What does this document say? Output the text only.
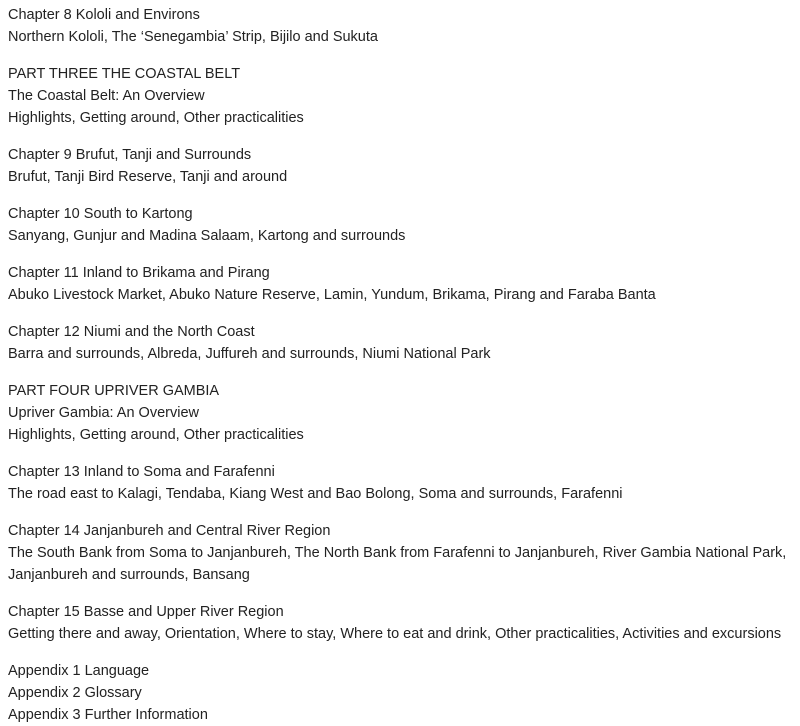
Chapter 8 Kololi and Environs
Northern Kololi, The ‘Senegambia’ Strip, Bijilo and Sukuta
PART THREE THE COASTAL BELT
The Coastal Belt: An Overview
Highlights, Getting around, Other practicalities
Chapter 9 Brufut, Tanji and Surrounds
Brufut, Tanji Bird Reserve, Tanji and around
Chapter 10 South to Kartong
Sanyang, Gunjur and Madina Salaam, Kartong and surrounds
Chapter 11 Inland to Brikama and Pirang
Abuko Livestock Market, Abuko Nature Reserve, Lamin, Yundum, Brikama, Pirang and Faraba Banta
Chapter 12 Niumi and the North Coast
Barra and surrounds, Albreda, Juffureh and surrounds, Niumi National Park
PART FOUR UPRIVER GAMBIA
Upriver Gambia: An Overview
Highlights, Getting around, Other practicalities
Chapter 13 Inland to Soma and Farafenni
The road east to Kalagi, Tendaba, Kiang West and Bao Bolong, Soma and surrounds, Farafenni
Chapter 14 Janjanbureh and Central River Region
The South Bank from Soma to Janjanbureh, The North Bank from Farafenni to Janjanbureh, River Gambia National Park,
Janjanbureh and surrounds, Bansang
Chapter 15 Basse and Upper River Region
Getting there and away, Orientation, Where to stay, Where to eat and drink, Other practicalities, Activities and excursions
Appendix 1 Language
Appendix 2 Glossary
Appendix 3 Further Information
